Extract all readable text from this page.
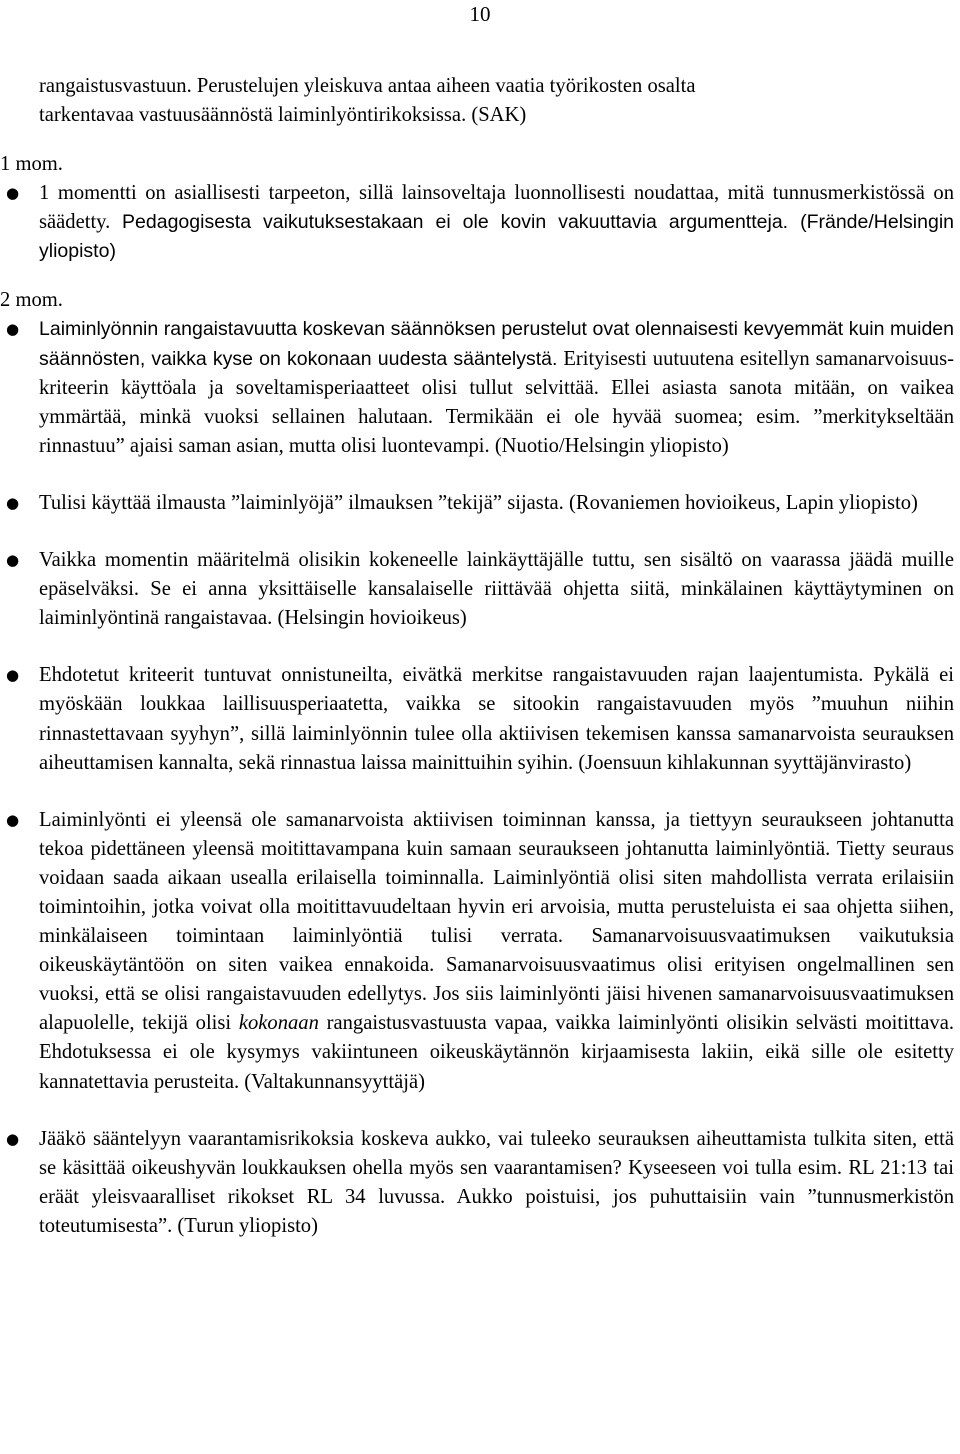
10

rangaistusvastuun. Perustelujen yleiskuva antaa aiheen vaatia työrikosten osalta
tarkentavaa vastuusäännöstä laiminlyöntirikoksissa. (SAK)

1 mom.

● 1 momentti on asiallisesti tarpeeton, sillä lainsoveltaja luonnollisesti noudattaa, mitä tunnusmerkistössä on säädetty. Pedagogisesta vaikutuksestakaan ei ole kovin vakuuttavia argumentteja. (Frände/Helsingin yliopisto)

2 mom.

● Laiminlyönnin rangaistavuutta koskevan säännöksen perustelut ovat olennaisesti kevyemmät kuin muiden säännösten, vaikka kyse on kokonaan uudesta sääntelystä. Erityisesti uutuutena esitellyn samanarvoisuus-kriteerin käyttöala ja soveltamisperiaatteet olisi tullut selvittää. Ellei asiasta sanota mitään, on vaikea ymmärtää, minkä vuoksi sellainen halutaan. Termikään ei ole hyvää suomea; esim. ”merkitykseltään rinnastuu” ajaisi saman asian, mutta olisi luontevampi. (Nuotio/Helsingin yliopisto)

● Tulisi käyttää ilmausta ”laiminlyöjä” ilmauksen ”tekijä” sijasta. (Rovaniemen hovioikeus, Lapin yliopisto)

● Vaikka momentin määritelmä olisikin kokeneelle lainkäyttäjälle tuttu, sen sisältö on vaarassa jäädä muille epäselväksi. Se ei anna yksittäiselle kansalaiselle riittävää ohjetta siitä, minkälainen käyttäytyminen on laiminlyöntinä rangaistavaa. (Helsingin hovioikeus)

● Ehdotetut kriteerit tuntuvat onnistuneilta, eivätkä merkitse rangaistavuuden rajan laajentumista. Pykälä ei myöskään loukkaa laillisuusperiaatetta, vaikka se sitookin rangaistavuuden myös ”muuhun niihin rinnastettavaan syyhyn”, sillä laiminlyönnin tulee olla aktiivisen tekemisen kanssa samanarvoista seurauksen aiheuttamisen kannalta, sekä rinnastua laissa mainittuihin syihin. (Joensuun kihlakunnan syyttäjänvirasto)

● Laiminlyönti ei yleensä ole samanarvoista aktiivisen toiminnan kanssa, ja tiettyyn seuraukseen johtanutta tekoa pidettäneen yleensä moitittavampana kuin samaan seuraukseen johtanutta laiminlyöntiä. Tietty seuraus voidaan saada aikaan usealla erilaisella toiminnalla. Laiminlyöntiä olisi siten mahdollista verrata erilaisiin toimintoihin, jotka voivat olla moitittavuudeltaan hyvin eri arvoisia, mutta perusteluista ei saa ohjetta siihen, minkälaiseen toimintaan laiminlyöntiä tulisi verrata. Samanarvoisuusvaatimuksen vaikutuksia oikeuskäytäntöön on siten vaikea ennakoida. Samanarvoisuusvaatimus olisi erityisen ongelmallinen sen vuoksi, että se olisi rangaistavuuden edellytys. Jos siis laiminlyönti jäisi hivenen samanarvoisuusvaatimuksen alapuolelle, tekijä olisi kokonaan rangaistusvastuusta vapaa, vaikka laiminlyönti olisikin selvästi moitittava. Ehdotuksessa ei ole kysymys vakiintuneen oikeuskäytännön kirjaamisesta lakiin, eikä sille ole esitetty kannatettavia perusteita. (Valtakunnansyyttäjä)

● Jääkö sääntelyyn vaarantamisrikoksia koskeva aukko, vai tuleeko seurauksen aiheuttamista tulkita siten, että se käsittää oikeushyvän loukkauksen ohella myös sen vaarantamisen? Kyseeseen voi tulla esim. RL 21:13 tai eräät yleisvaaralliset rikokset RL 34 luvussa. Aukko poistuisi, jos puhuttaisiin vain ”tunnusmerkistön toteutumisesta”. (Turun yliopisto)
